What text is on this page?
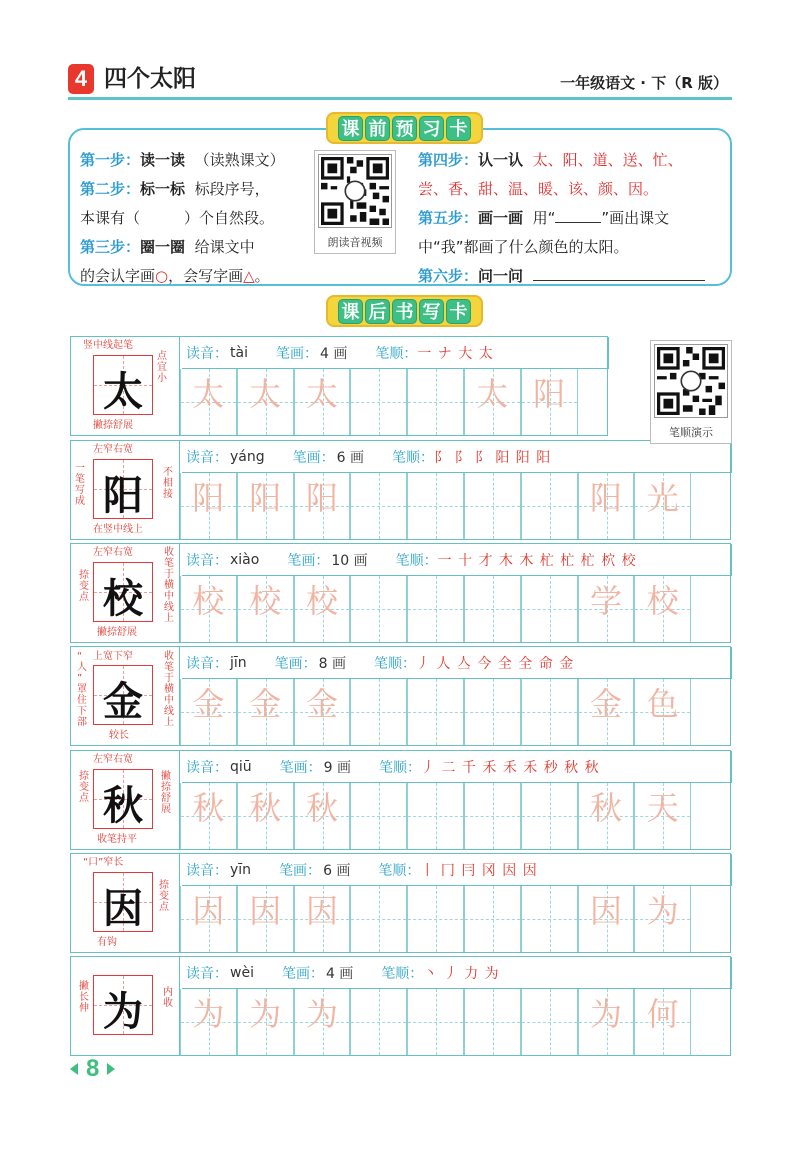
4 四个太阳	一年级语文 · 下（R 版）
课 前 预 习 卡
第一步：读一读 （读熟课文）
第二步：标一标 标段序号，
本课有（	）个自然段。
第三步：圈一圈 给课文中
的会认字画○，会写字画△。
朗读音视频
第四步：认一认 太、阳、道、送、忙、
尝、香、甜、温、暖、该、颜、因。
第五步：画一画 用“	”画出课文
中“我”都画了什么颜色的太阳。
第六步：问一问
课 后 书 写 卡
太
竖中线起笔
点宜小
撇捺舒展
读音： tài 笔画： 4 画 笔顺： 一 ナ 大 太
太 太 太	太 阳
阳
左窄右宽
一笔写成
不相接
在竖中线上
读音： yáng 笔画： 6 画 笔顺： ⻖ 阝 阝 阳 阳 阳
阳 阳 阳	阳 光
校
左窄右宽
捺变点
收笔于横中线上
撇捺舒展
读音： xiào 笔画： 10 画 笔顺： 一 十 才 木 木 杧 杧 杧 柼 校
校 校 校	学 校
金
“人”罩住下部
上宽下窄	收笔于横中线上
较长
读音： jīn 笔画： 8 画 笔顺： 丿 人 亼 今 全 全 命 金
金 金 金	金 色
秋
左窄右宽
捺变点
撇捺舒展
收笔持平
读音： qiū 笔画： 9 画 笔顺： 丿 二 千 禾 禾 禾 秒 秋 秋
秋 秋 秋	秋 天
因
“口”窄长
捺变点
有钩
读音： yīn 笔画： 6 画 笔顺： 丨 冂 冃 冈 因 因
因 因 因	因 为
为
撇长伸
内收
读音： wèi 笔画： 4 画 笔顺： 丶 丿 力 为
为 为 为	为 何
笔顺演示
8
